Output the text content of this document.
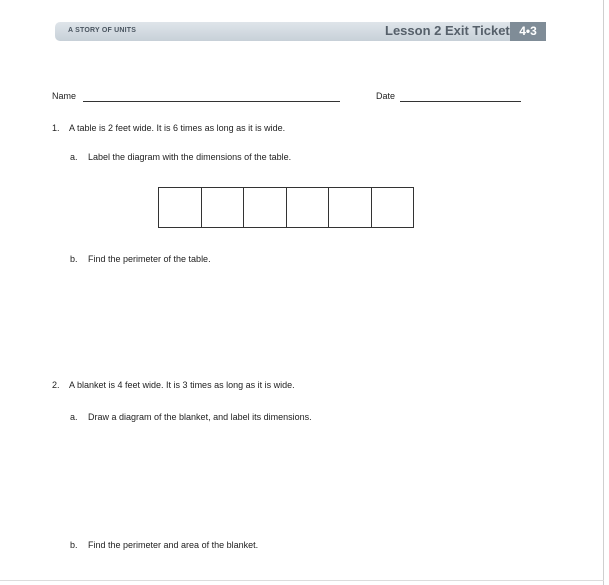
A STORY OF UNITS	Lesson 2 Exit Ticket 4•3
Name	Date
1. A table is 2 feet wide. It is 6 times as long as it is wide.
a. Label the diagram with the dimensions of the table.
b. Find the perimeter of the table.
2. A blanket is 4 feet wide. It is 3 times as long as it is wide.
a. Draw a diagram of the blanket, and label its dimensions.
b. Find the perimeter and area of the blanket.
